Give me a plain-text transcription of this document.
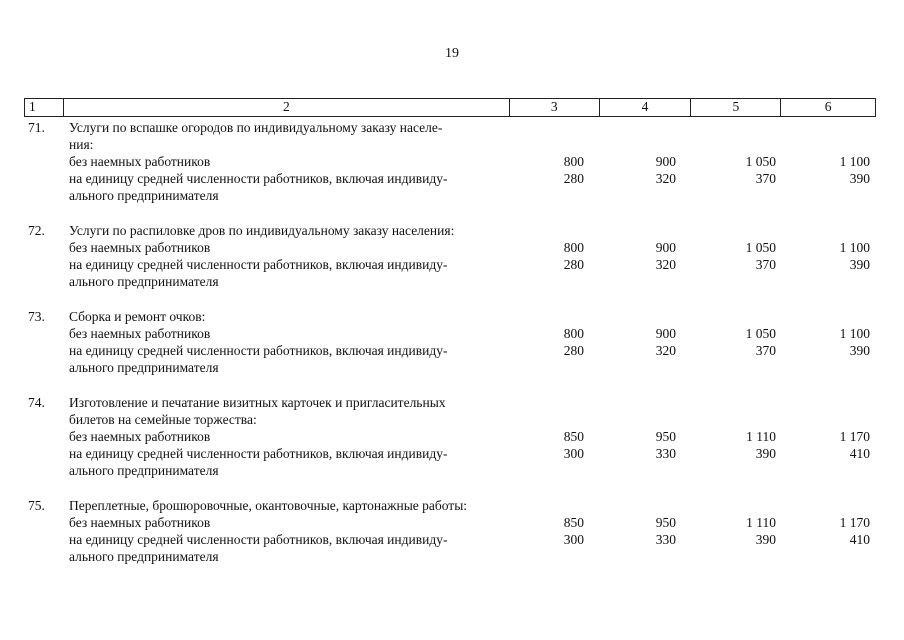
19
1	2	3	4	5	6
71.	Услуги по вспашке огородов по индивидуальному заказу населе-
ния:
без наемных работников	800	900	1 050	1 100
на единицу средней численности работников, включая индивиду-	280	320	370	390
ального предпринимателя
72.	Услуги по распиловке дров по индивидуальному заказу населения:
без наемных работников	800	900	1 050	1 100
на единицу средней численности работников, включая индивиду-	280	320	370	390
ального предпринимателя
73.	Сборка и ремонт очков:
без наемных работников	800	900	1 050	1 100
на единицу средней численности работников, включая индивиду-	280	320	370	390
ального предпринимателя
74.	Изготовление и печатание визитных карточек и пригласительных
билетов на семейные торжества:
без наемных работников	850	950	1 110	1 170
на единицу средней численности работников, включая индивиду-	300	330	390	410
ального предпринимателя
75.	Переплетные, брошюровочные, окантовочные, картонажные работы:
без наемных работников	850	950	1 110	1 170
на единицу средней численности работников, включая индивиду-	300	330	390	410
ального предпринимателя
